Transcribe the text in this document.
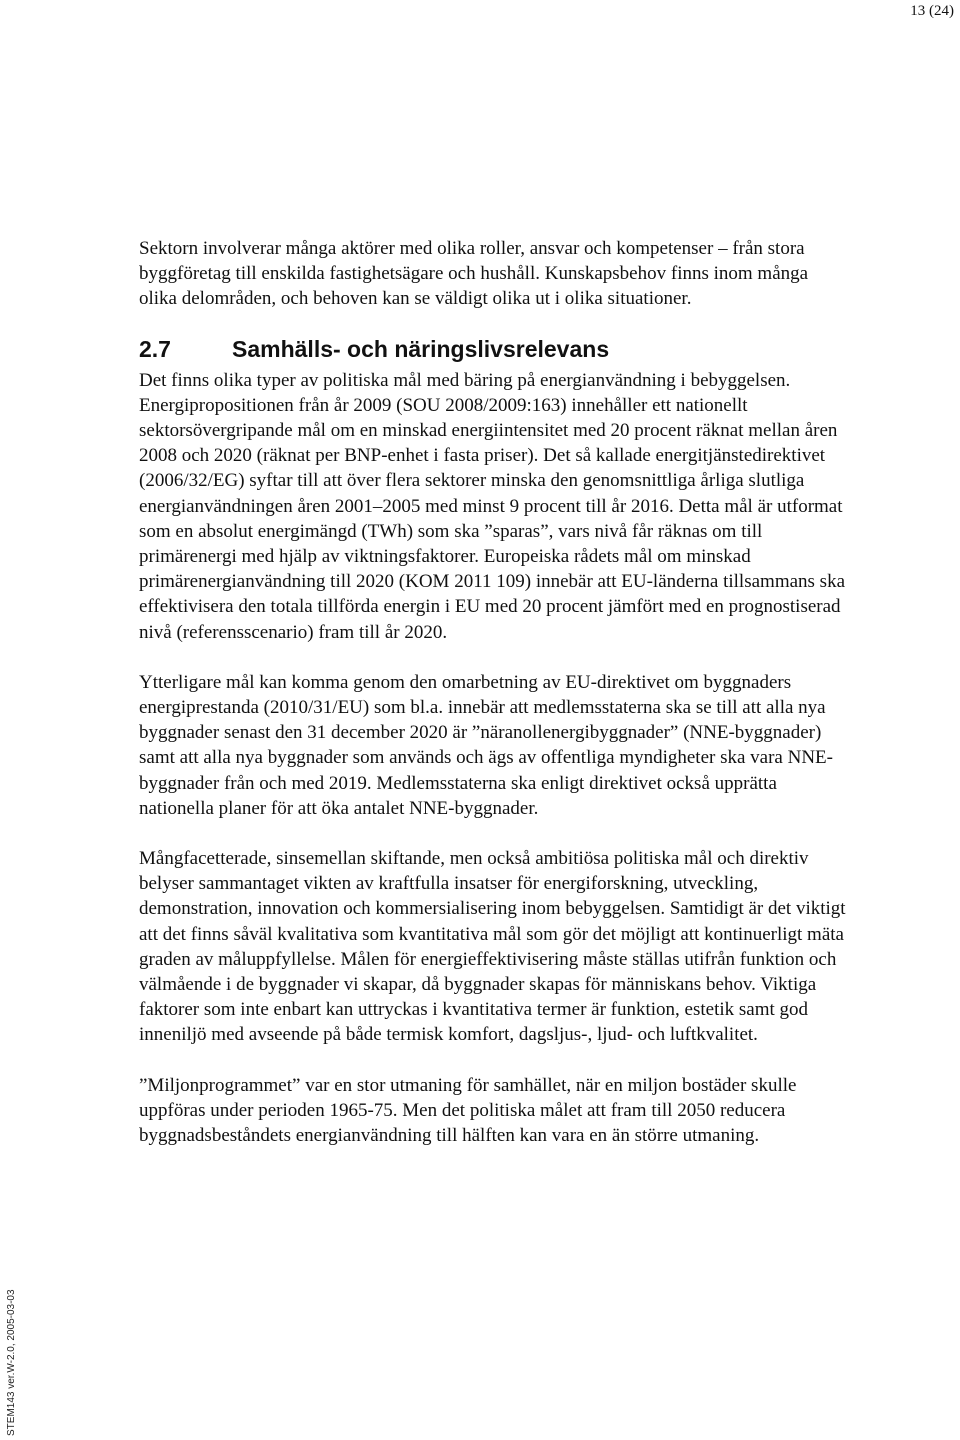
13 (24)
STEM143 ver.W-2.0, 2005-03-03

Sektorn involverar många aktörer med olika roller, ansvar och kompetenser – från stora byggföretag till enskilda fastighetsägare och hushåll. Kunskapsbehov finns inom många olika delområden, och behoven kan se väldigt olika ut i olika situationer.

2.7	Samhälls- och näringslivsrelevans

Det finns olika typer av politiska mål med bäring på energianvändning i bebyggelsen. Energipropositionen från år 2009 (SOU 2008/2009:163) innehåller ett nationellt sektorsövergripande mål om en minskad energiintensitet med 20 procent räknat mellan åren 2008 och 2020 (räknat per BNP-enhet i fasta priser). Det så kallade energitjänstedirektivet (2006/32/EG) syftar till att över flera sektorer minska den genomsnittliga årliga slutliga energianvändningen åren 2001–2005 med minst 9 procent till år 2016. Detta mål är utformat som en absolut energimängd (TWh) som ska ”sparas”, vars nivå får räknas om till primärenergi med hjälp av viktningsfaktorer. Europeiska rådets mål om minskad primärenergianvändning till 2020 (KOM 2011 109) innebär att EU-länderna tillsammans ska effektivisera den totala tillförda energin i EU med 20 procent jämfört med en prognostiserad nivå (referensscenario) fram till år 2020.

Ytterligare mål kan komma genom den omarbetning av EU-direktivet om byggnaders energiprestanda (2010/31/EU) som bl.a. innebär att medlemsstaterna ska se till att alla nya byggnader senast den 31 december 2020 är ”näranollenergibyggnader” (NNE-byggnader) samt att alla nya byggnader som används och ägs av offentliga myndigheter ska vara NNE-byggnader från och med 2019. Medlemsstaterna ska enligt direktivet också upprätta nationella planer för att öka antalet NNE-byggnader.

Mångfacetterade, sinsemellan skiftande, men också ambitiösa politiska mål och direktiv belyser sammantaget vikten av kraftfulla insatser för energiforskning, utveckling, demonstration, innovation och kommersialisering inom bebyggelsen. Samtidigt är det viktigt att det finns såväl kvalitativa som kvantitativa mål som gör det möjligt att kontinuerligt mäta graden av måluppfyllelse. Målen för energieffektivisering måste ställas utifrån funktion och välmående i de byggnader vi skapar, då byggnader skapas för människans behov. Viktiga faktorer som inte enbart kan uttryckas i kvantitativa termer är funktion, estetik samt god inneniljö med avseende på både termisk komfort, dagsljus-, ljud- och luftkvalitet.

”Miljonprogrammet” var en stor utmaning för samhället, när en miljon bostäder skulle uppföras under perioden 1965-75. Men det politiska målet att fram till 2050 reducera byggnadsbeståndets energianvändning till hälften kan vara en än större utmaning.
